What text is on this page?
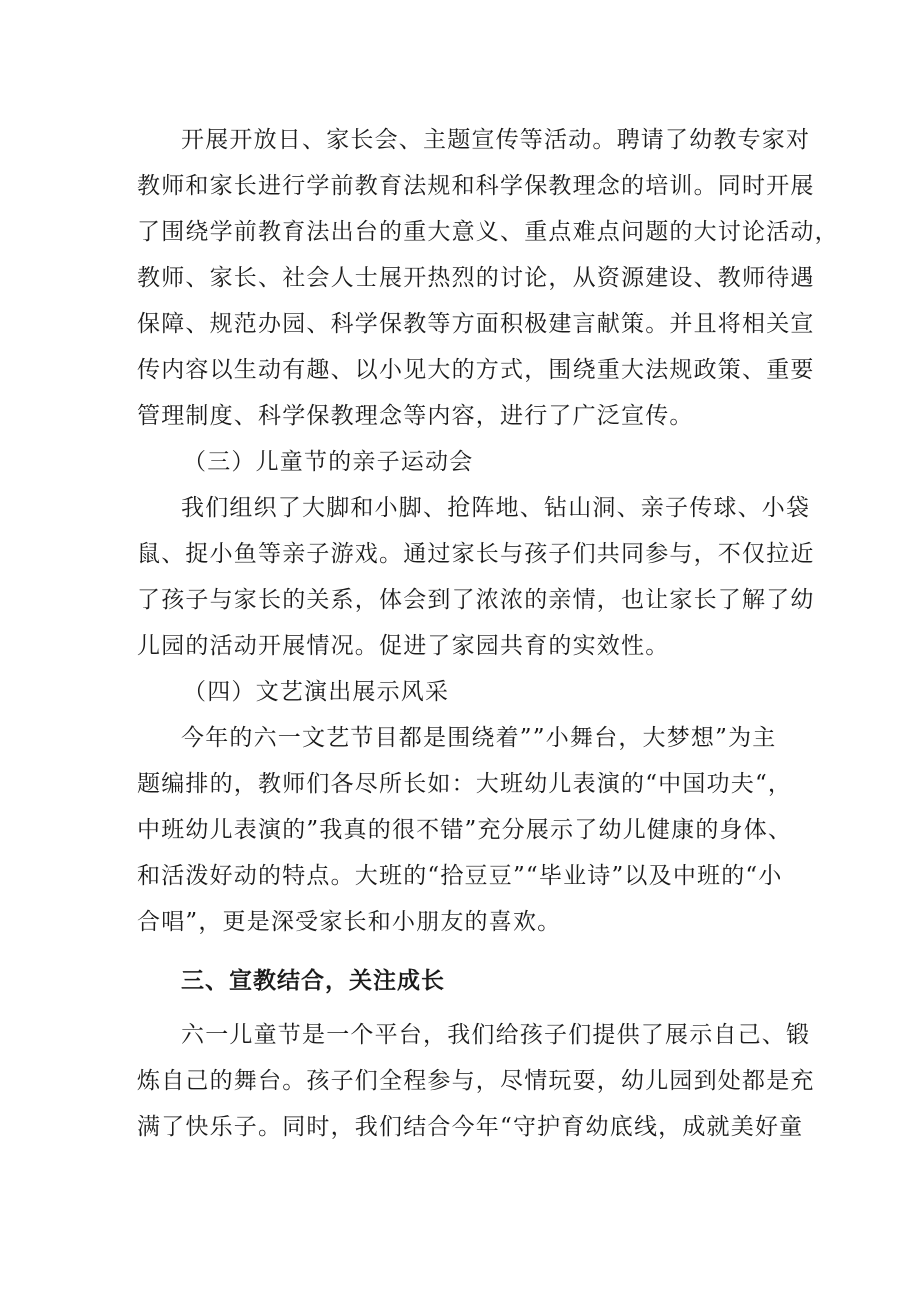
开展开放日、家长会、主题宣传等活动。聘请了幼教专家对

教师和家长进行学前教育法规和科学保教理念的培训。同时开展

了围绕学前教育法出台的重大意义、重点难点问题的大讨论活动，

教师、家长、社会人士展开热烈的讨论，从资源建设、教师待遇

保障、规范办园、科学保教等方面积极建言献策。并且将相关宣

传内容以生动有趣、以小见大的方式，围绕重大法规政策、重要

管理制度、科学保教理念等内容，进行了广泛宣传。

（三）儿童节的亲子运动会

我们组织了大脚和小脚、抢阵地、钻山洞、亲子传球、小袋

鼠、捉小鱼等亲子游戏。通过家长与孩子们共同参与，不仅拉近

了孩子与家长的关系，体会到了浓浓的亲情，也让家长了解了幼

儿园的活动开展情况。促进了家园共育的实效性。

（四）文艺演出展示风采

今年的六一文艺节目都是围绕着””小舞台，大梦想”为主

题编排的，教师们各尽所长如：大班幼儿表演的“中国功夫“，

中班幼儿表演的”我真的很不错”充分展示了幼儿健康的身体、

和活泼好动的特点。大班的“拾豆豆”“毕业诗”以及中班的“小

合唱”，更是深受家长和小朋友的喜欢。

三、宣教结合，关注成长

六一儿童节是一个平台，我们给孩子们提供了展示自己、锻

炼自己的舞台。孩子们全程参与，尽情玩耍，幼儿园到处都是充

满了快乐子。同时，我们结合今年“守护育幼底线，成就美好童
